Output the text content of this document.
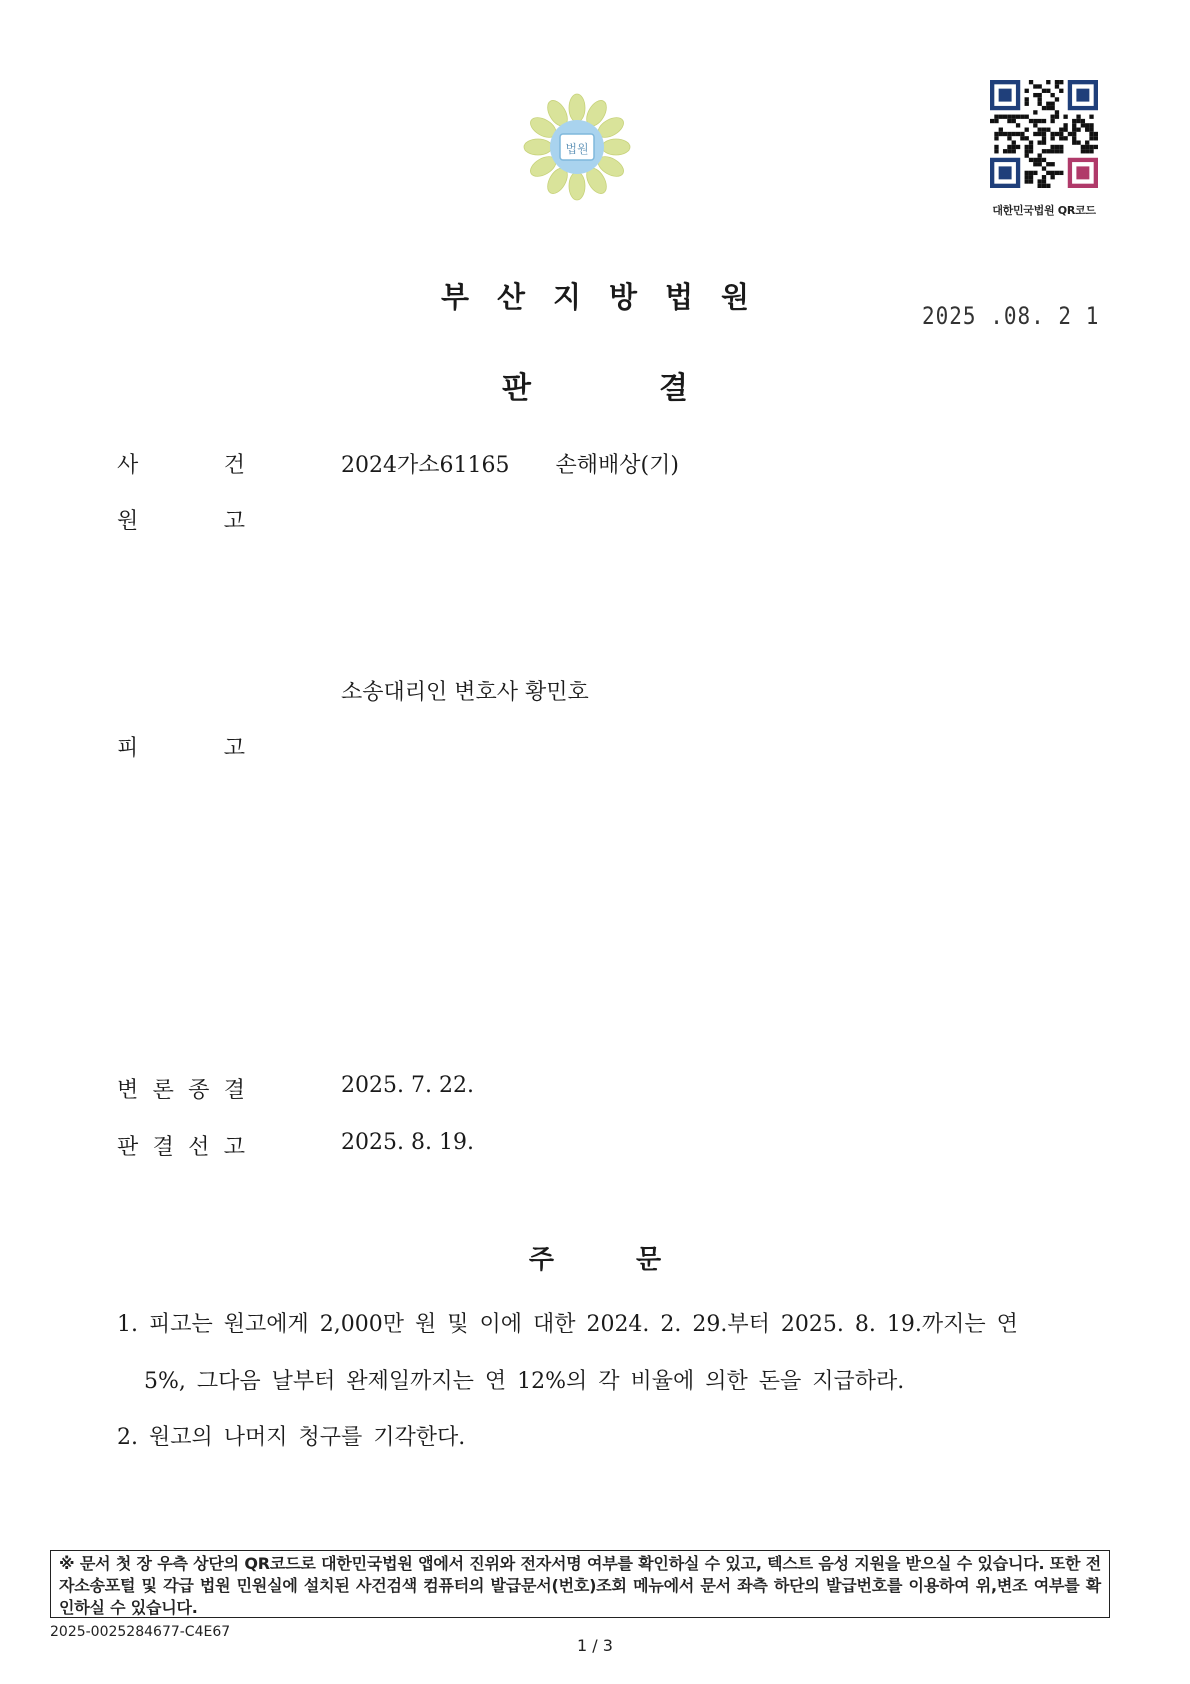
법원
대한민국법원 QR코드
부산지방법원
2025 .08. 2 1
판결
사	건	2024가소61165 손해배상(기)
원	고
소송대리인 변호사 황민호
피	고
변 론 종 결	2025. 7. 22.
판 결 선 고	2025. 8. 19.
주문
1. 피고는 원고에게 2,000만 원 및 이에 대한 2024. 2. 29.부터 2025. 8. 19.까지는 연
5%, 그다음 날부터 완제일까지는 연 12%의 각 비율에 의한 돈을 지급하라.
2. 원고의 나머지 청구를 기각한다.
※ 문서 첫 장 우측 상단의 QR코드로 대한민국법원 앱에서 진위와 전자서명 여부를 확인하실 수 있고, 텍스트 음성 지원을 받으실 수 있습니다. 또한 전자소송포털 및 각급 법원 민원실에 설치된 사건검색 컴퓨터의 발급문서(번호)조회 메뉴에서 문서 좌측 하단의 발급번호를 이용하여 위,변조 여부를 확인하실 수 있습니다.
2025-0025284677-C4E67
1 / 3
